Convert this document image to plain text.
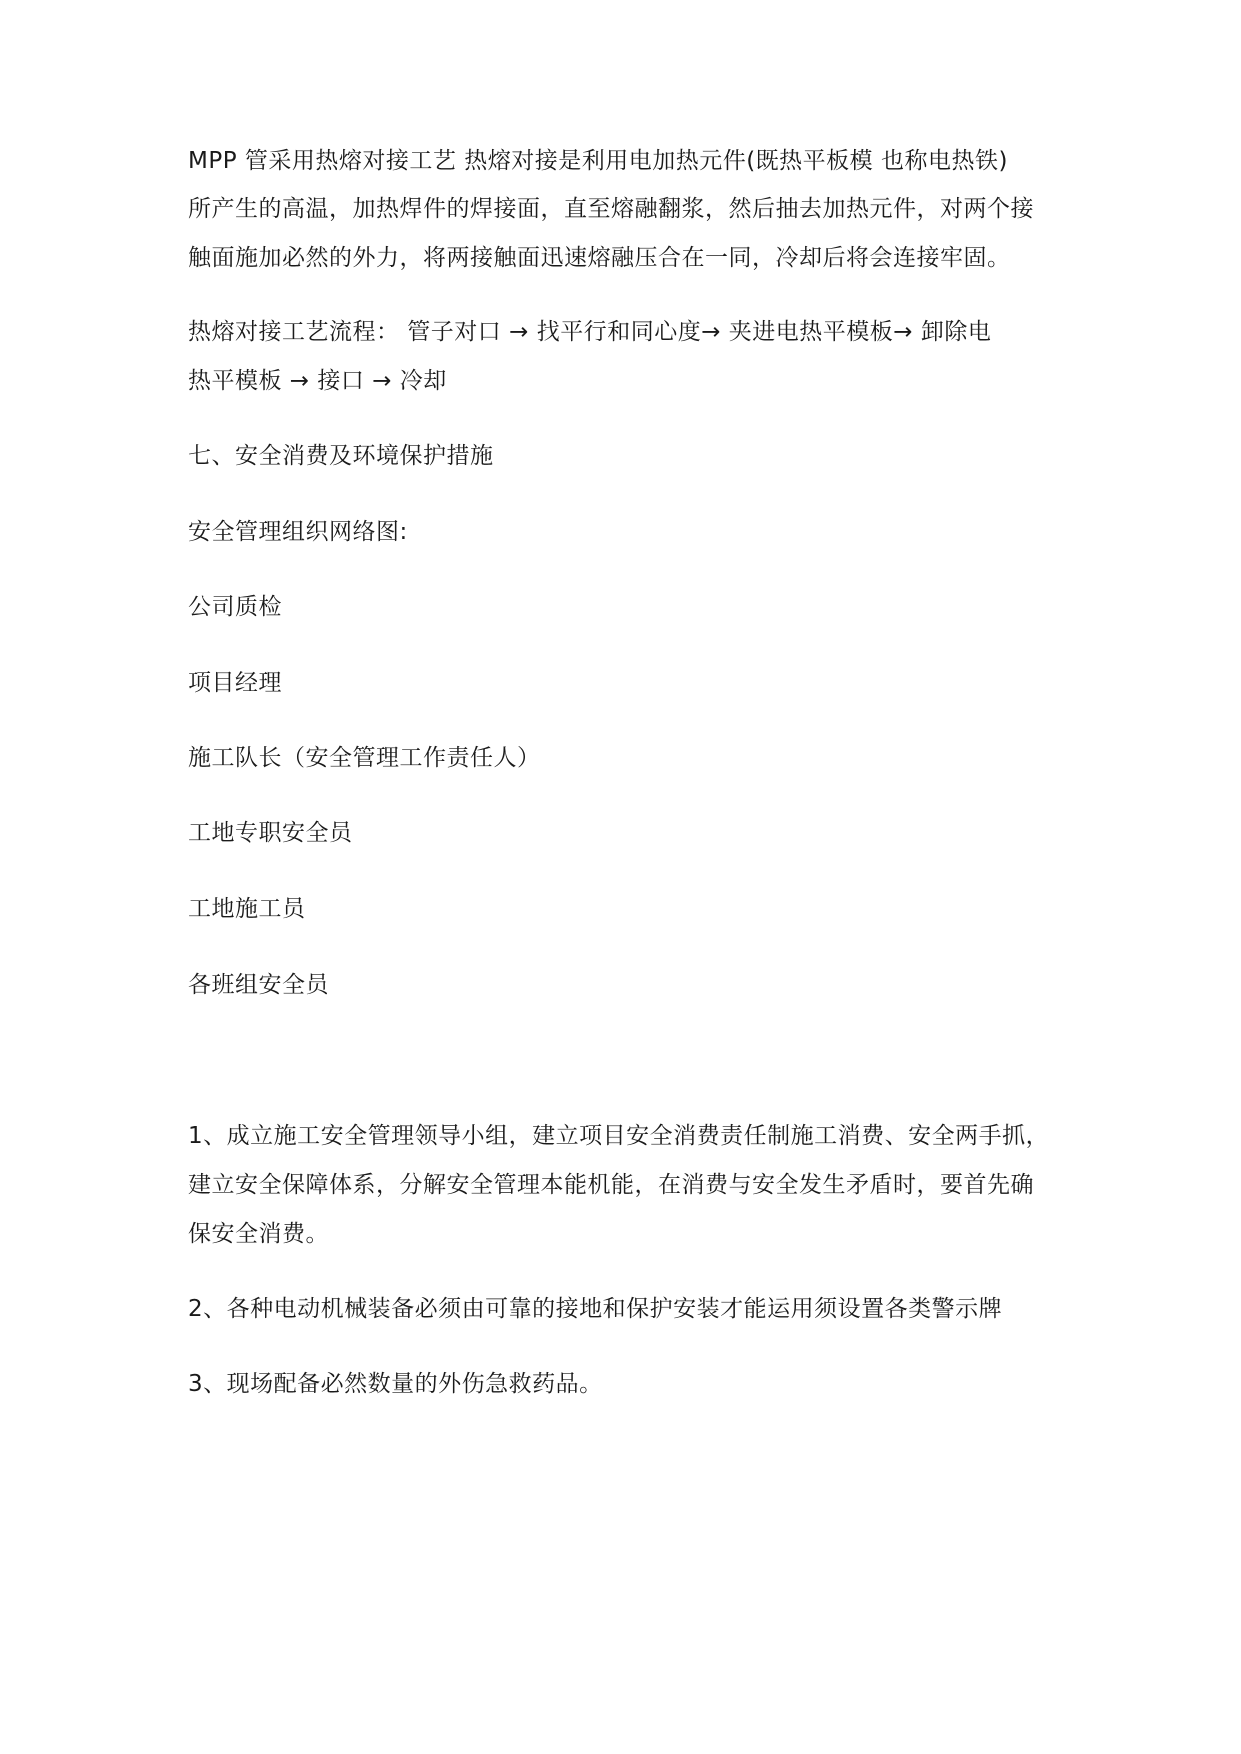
MPP 管采用热熔对接工艺 热熔对接是利用电加热元件(既热平板模 也称电热铁)
所产生的高温，加热焊件的焊接面，直至熔融翻浆，然后抽去加热元件，对两个接
触面施加必然的外力，将两接触面迅速熔融压合在一同，冷却后将会连接牢固。
热熔对接工艺流程： 管子对口 → 找平行和同心度→ 夹进电热平模板→ 卸除电
热平模板 → 接口 → 冷却
七、安全消费及环境保护措施
安全管理组织网络图:
公司质检
项目经理
施工队长（安全管理工作责任人）
工地专职安全员
工地施工员
各班组安全员
1、成立施工安全管理领导小组，建立项目安全消费责任制施工消费、安全两手抓，
建立安全保障体系，分解安全管理本能机能，在消费与安全发生矛盾时，要首先确
保安全消费。
2、各种电动机械装备必须由可靠的接地和保护安装才能运用须设置各类警示牌
3、现场配备必然数量的外伤急救药品。
